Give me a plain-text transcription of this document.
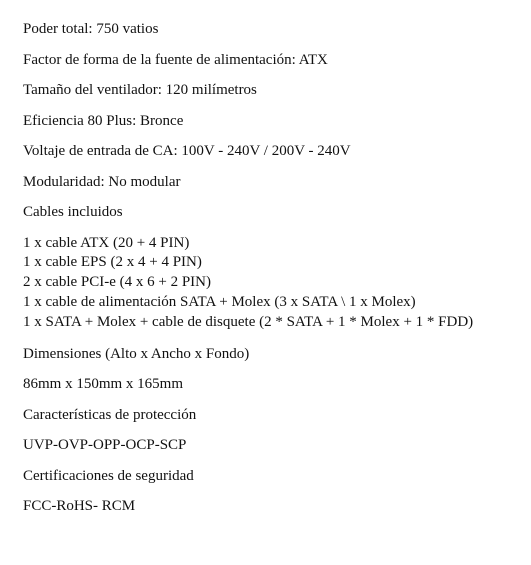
Poder total: 750 vatios

Factor de forma de la fuente de alimentación: ATX

Tamaño del ventilador: 120 milímetros

Eficiencia 80 Plus: Bronce

Voltaje de entrada de CA: 100V - 240V / 200V - 240V

Modularidad: No modular

Cables incluidos

1 x cable ATX (20 + 4 PIN)
1 x cable EPS (2 x 4 + 4 PIN)
2 x cable PCI-e (4 x 6 + 2 PIN)
1 x cable de alimentación SATA + Molex (3 x SATA \ 1 x Molex)
1 x SATA + Molex + cable de disquete (2 * SATA + 1 * Molex + 1 * FDD)

Dimensiones (Alto x Ancho x Fondo)

86mm x 150mm x 165mm

Características de protección

UVP-OVP-OPP-OCP-SCP

Certificaciones de seguridad

FCC-RoHS- RCM
